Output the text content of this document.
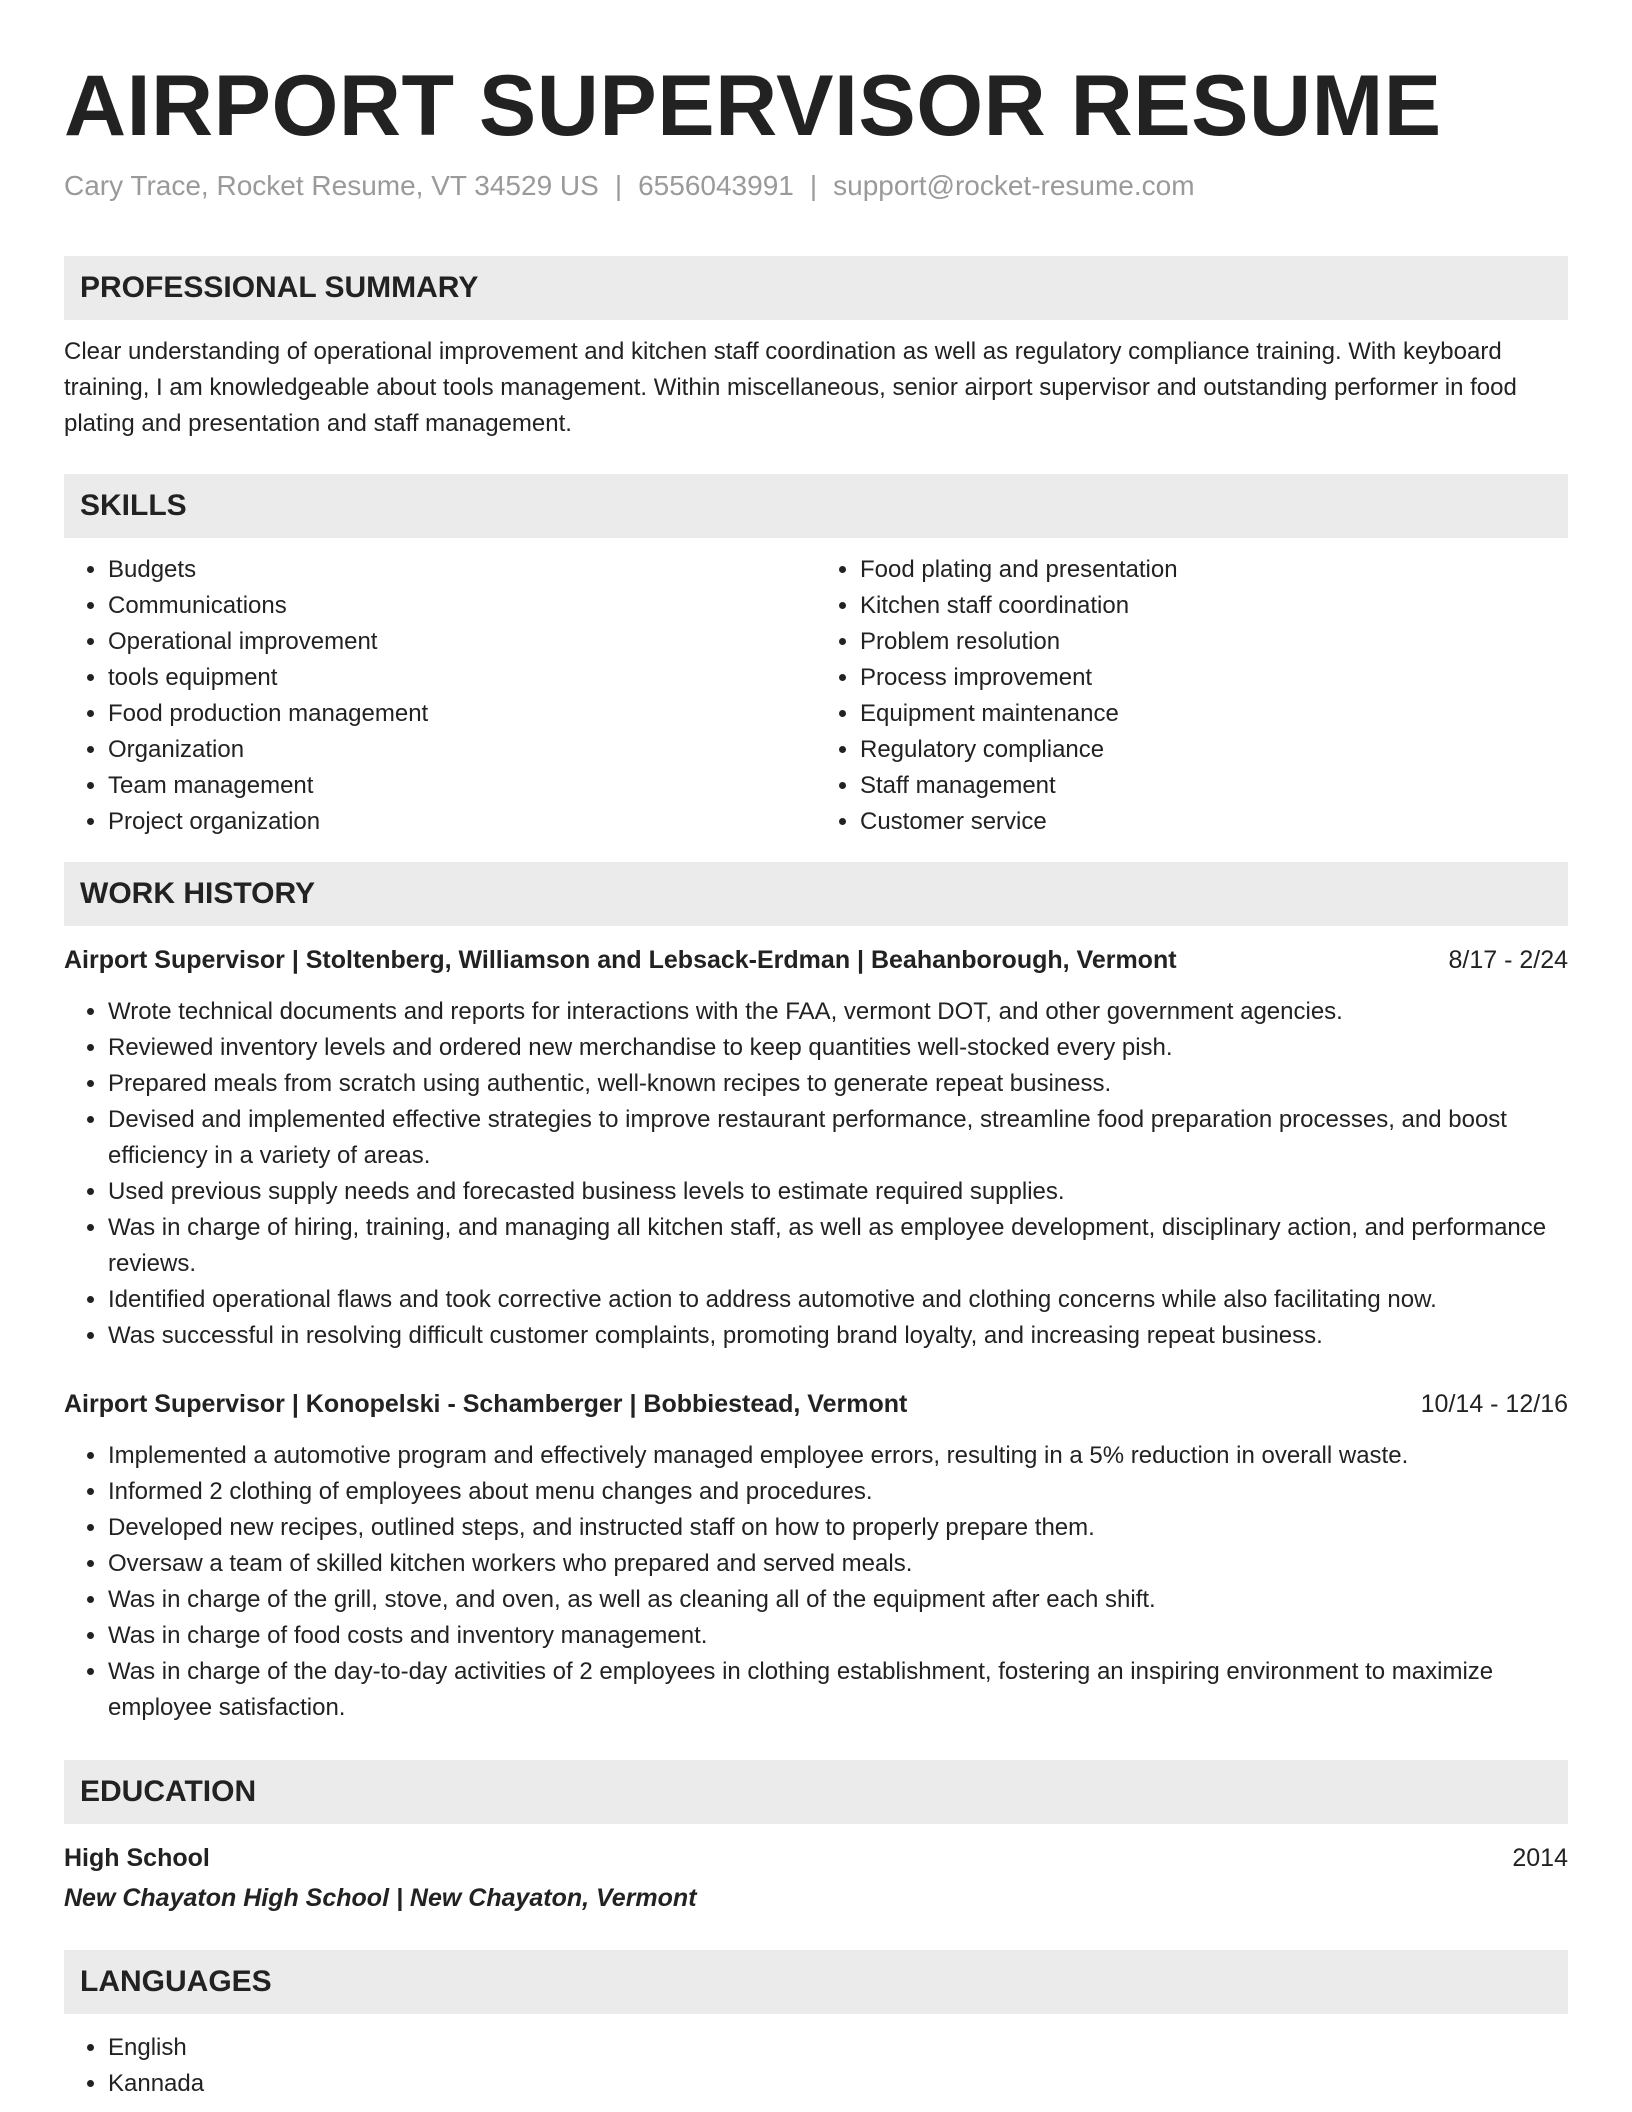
AIRPORT SUPERVISOR RESUME
Cary Trace, Rocket Resume, VT 34529 US | 6556043991 | support@rocket-resume.com
PROFESSIONAL SUMMARY

Clear understanding of operational improvement and kitchen staff coordination as well as regulatory compliance training. With keyboard training, I am knowledgeable about tools management. Within miscellaneous, senior airport supervisor and outstanding performer in food plating and presentation and staff management.

SKILLS
• Budgets
• Communications
• Operational improvement
• tools equipment
• Food production management
• Organization
• Team management
• Project organization
• Food plating and presentation
• Kitchen staff coordination
• Problem resolution
• Process improvement
• Equipment maintenance
• Regulatory compliance
• Staff management
• Customer service
WORK HISTORY
Airport Supervisor | Stoltenberg, Williamson and Lebsack-Erdman | Beahanborough, Vermont	8/17 - 2/24
• Wrote technical documents and reports for interactions with the FAA, vermont DOT, and other government agencies.
• Reviewed inventory levels and ordered new merchandise to keep quantities well-stocked every pish.
• Prepared meals from scratch using authentic, well-known recipes to generate repeat business.
• Devised and implemented effective strategies to improve restaurant performance, streamline food preparation processes, and boost efficiency in a variety of areas.
• Used previous supply needs and forecasted business levels to estimate required supplies.
• Was in charge of hiring, training, and managing all kitchen staff, as well as employee development, disciplinary action, and performance reviews.
• Identified operational flaws and took corrective action to address automotive and clothing concerns while also facilitating now.
• Was successful in resolving difficult customer complaints, promoting brand loyalty, and increasing repeat business.
Airport Supervisor | Konopelski - Schamberger | Bobbiestead, Vermont	10/14 - 12/16
• Implemented a automotive program and effectively managed employee errors, resulting in a 5% reduction in overall waste.
• Informed 2 clothing of employees about menu changes and procedures.
• Developed new recipes, outlined steps, and instructed staff on how to properly prepare them.
• Oversaw a team of skilled kitchen workers who prepared and served meals.
• Was in charge of the grill, stove, and oven, as well as cleaning all of the equipment after each shift.
• Was in charge of food costs and inventory management.
• Was in charge of the day-to-day activities of 2 employees in clothing establishment, fostering an inspiring environment to maximize employee satisfaction.
EDUCATION
High School	2014
New Chayaton High School | New Chayaton, Vermont
LANGUAGES
• English
• Kannada
